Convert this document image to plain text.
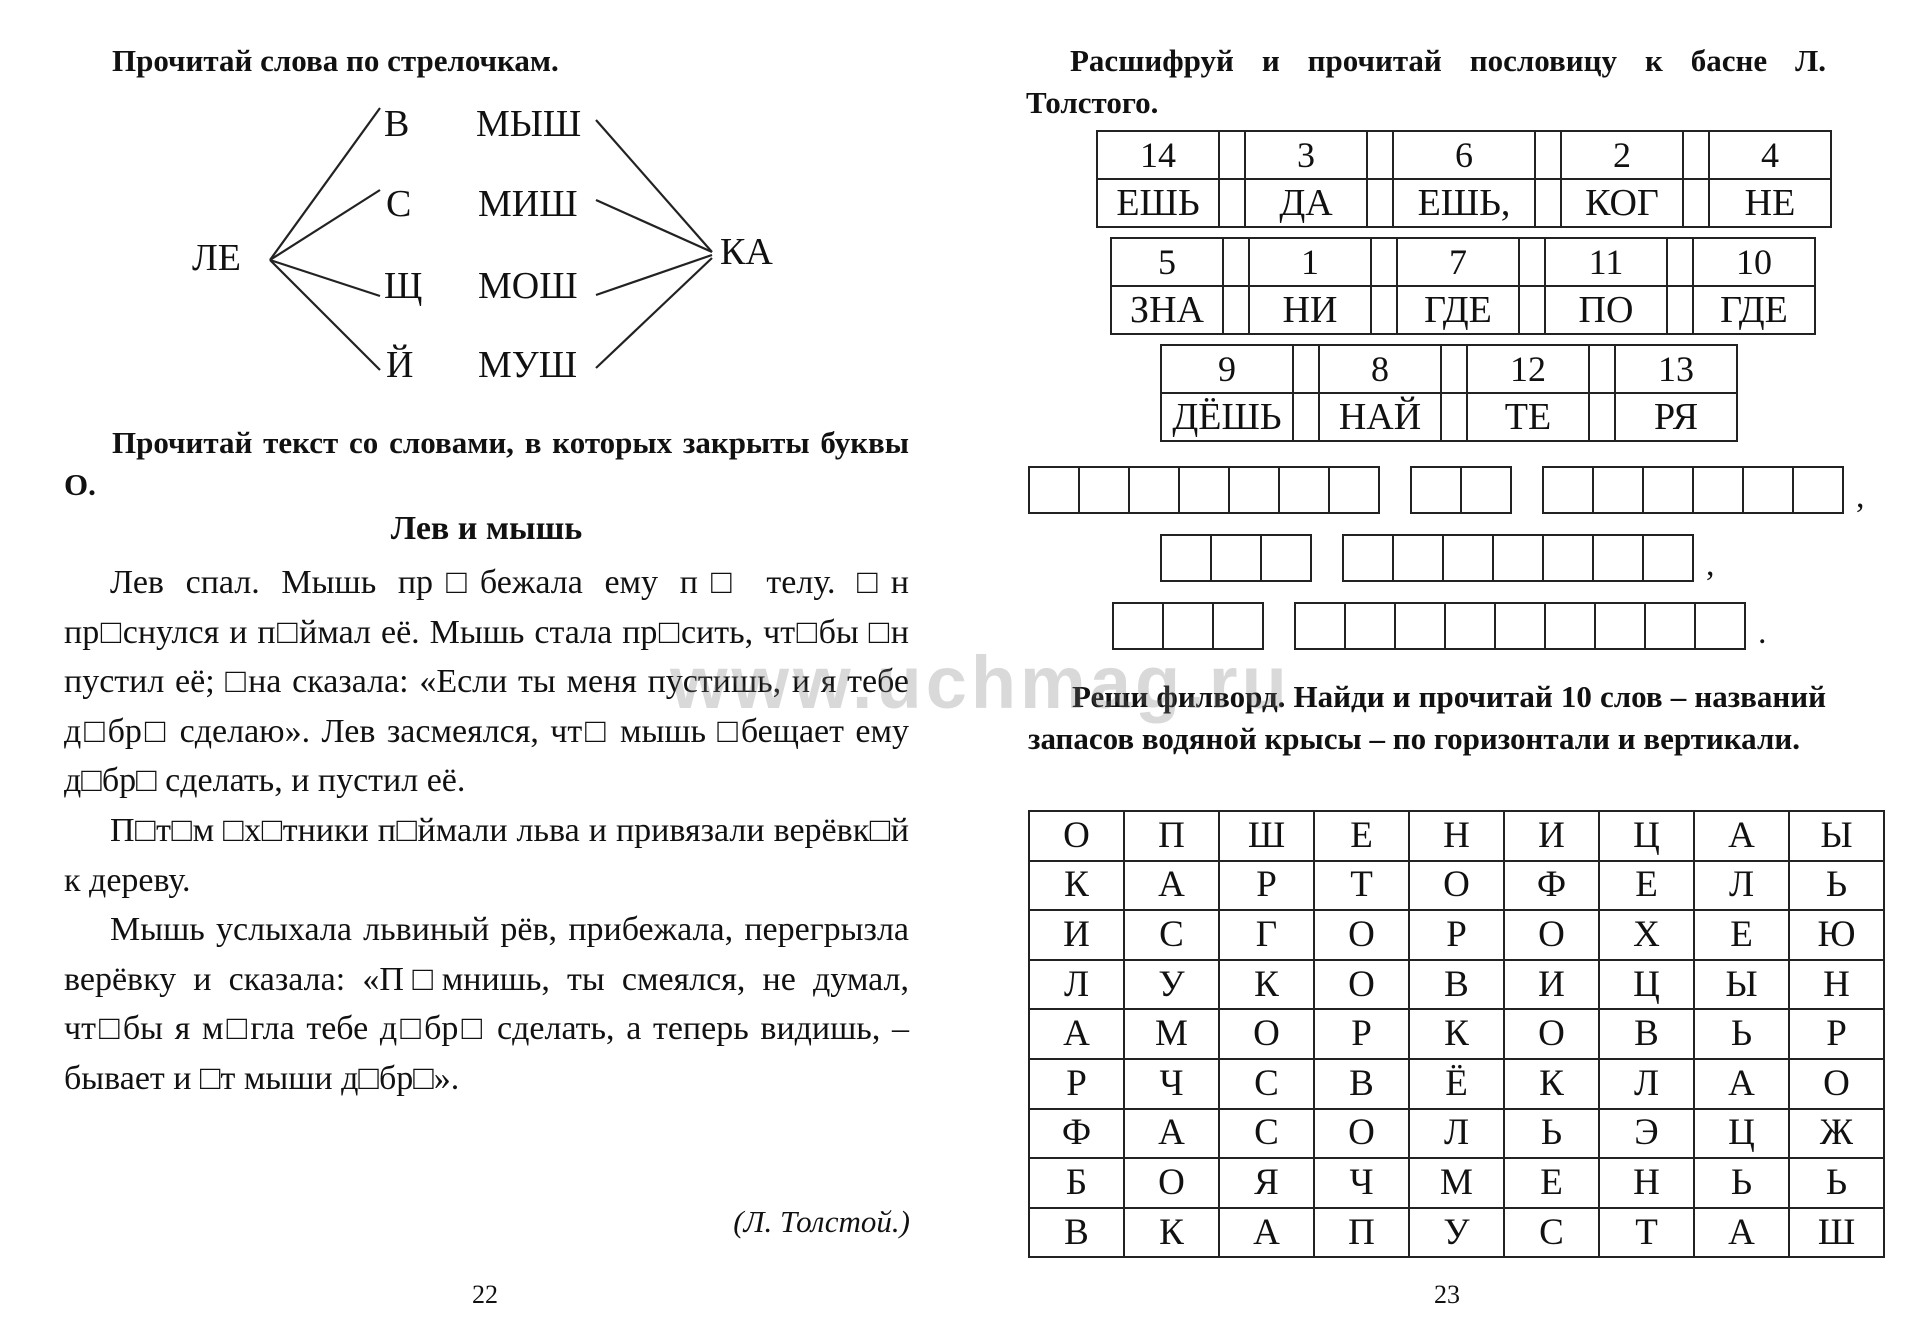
Прочитай слова по стрелочкам.

ЛЕ
В
С
Щ
Й
МЫШ
МИШ
МОШ
МУШ
КА

Прочитай текст со словами, в которых закрыты буквы О.

Лев и мышь

Лев спал. Мышь пр□бежала ему п□ телу. □н пр□снулся и п□ймал её. Мышь стала пр□сить, чт□бы □н пустил её; □на сказала: «Если ты меня пустишь, и я тебе д□бр□ сделаю». Лев засмеялся, чт□ мышь □бещает ему д□бр□ сделать, и пустил её.

П□т□м □х□тники п□ймали льва и привязали верёвк□й к дереву.

Мышь услыхала львиный рёв, прибежала, перегрызла верёвку и сказала: «П□мнишь, ты смеялся, не думал, чт□бы я м□гла тебе д□бр□ сделать, а теперь видишь, – бывает и □т мыши д□бр□».

(Л. Толстой.)

22

Расшифруй и прочитай пословицу к басне Л. Толстого.

14		3		6		2		4
ЕШЬ		ДА		ЕШЬ,		КОГ		НЕ
5		1		7		11		10
ЗНА		НИ		ГДЕ		ПО		ГДЕ
9		8		12		13
ДЁШЬ		НАЙ		ТЕ		РЯ
,
,
.

Реши филворд. Найди и прочитай 10 слов – названий запасов водяной крысы – по горизонтали и вертикали.

О	П	Ш	Е	Н	И	Ц	А	Ы
К	А	Р	Т	О	Ф	Е	Л	Ь
И	С	Г	О	Р	О	Х	Е	Ю
Л	У	К	О	В	И	Ц	Ы	Н
А	М	О	Р	К	О	В	Ь	Р
Р	Ч	С	В	Ё	К	Л	А	О
Ф	А	С	О	Л	Ь	Э	Ц	Ж
Б	О	Я	Ч	М	Е	Н	Ь	Ь
В	К	А	П	У	С	Т	А	Ш
23
www.uchmag.ru
